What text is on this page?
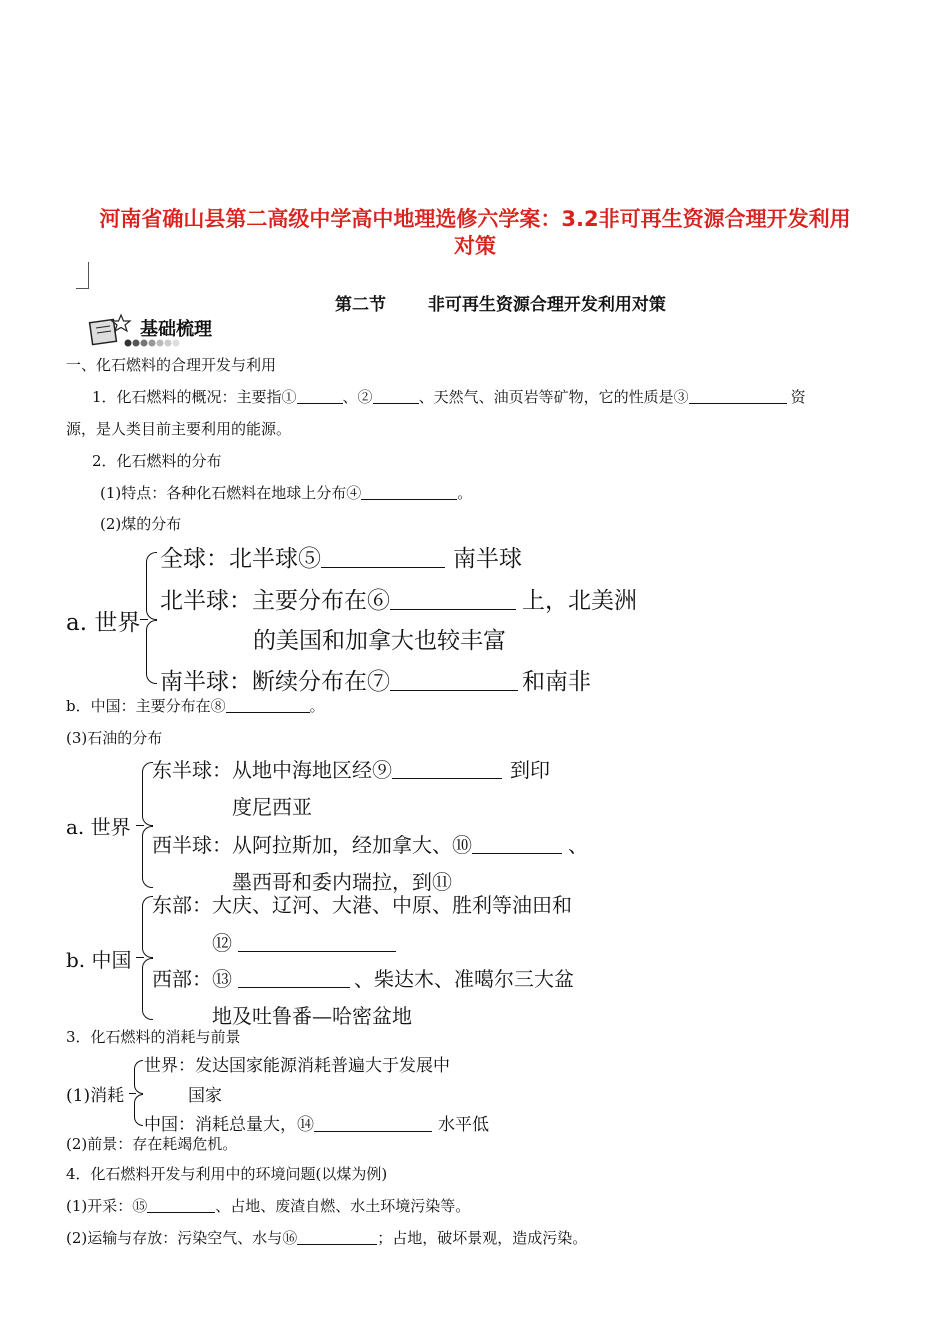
河南省确山县第二高级中学高中地理选修六学案：3.2非可再生资源合理开发利用
对策
第二节 非可再生资源合理开发利用对策
基础梳理
一、化石燃料的合理开发与利用
1．化石燃料的概况：主要指①	、②	、天然气、油页岩等矿物，它的性质是③	资
源，是人类目前主要利用的能源。
2．化石燃料的分布
(1)特点：各种化石燃料在地球上分布④	。
(2)煤的分布
a. 世界
全球：北半球⑤	南半球
北半球：主要分布在⑥	上，北美洲
的美国和加拿大也较丰富
南半球：断续分布在⑦	和南非
b．中国：主要分布在⑧	。
(3)石油的分布
a. 世界
东半球：从地中海地区经⑨	到印
度尼西亚
西半球：从阿拉斯加，经加拿大、⑩	、
墨西哥和委内瑞拉，到⑪
b. 中国
东部：大庆、辽河、大港、中原、胜利等油田和
⑫
西部：⑬	、柴达木、准噶尔三大盆
地及吐鲁番—哈密盆地
3．化石燃料的消耗与前景
(1)消耗
世界：发达国家能源消耗普遍大于发展中
国家
中国：消耗总量大，⑭	水平低
(2)前景：存在耗竭危机。
4．化石燃料开发与利用中的环境问题(以煤为例)
(1)开采：⑮	、占地、废渣自燃、水土环境污染等。
(2)运输与存放：污染空气、水与⑯	；占地，破坏景观，造成污染。
